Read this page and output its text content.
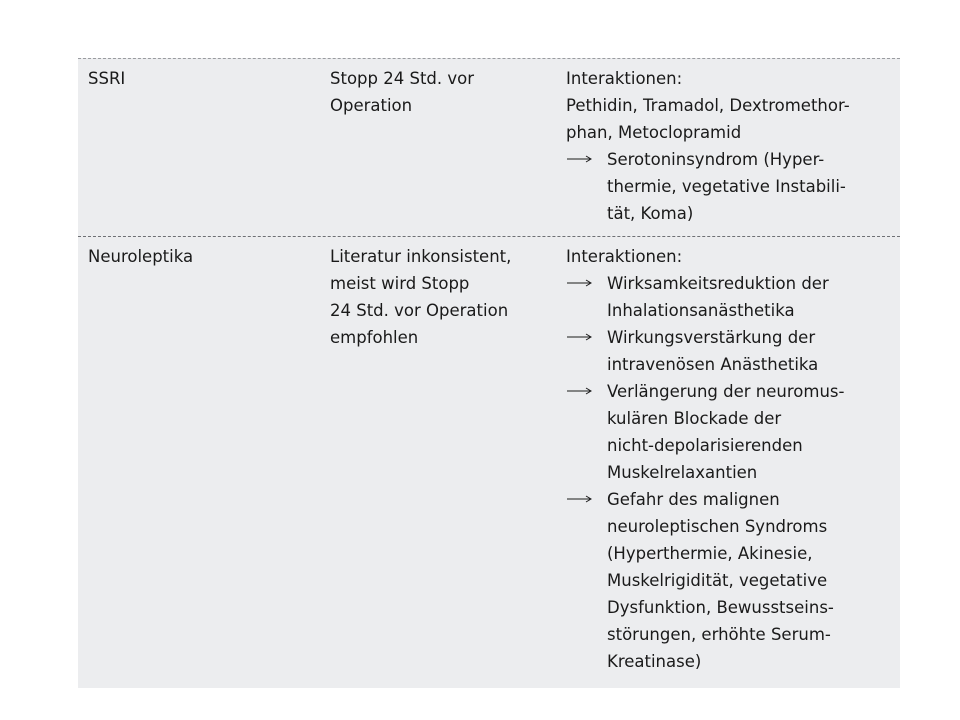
SSRI	Stopp 24 Std. vor
Operation
Interaktionen:
Pethidin, Tramadol, Dextromethor-
phan, Metoclopramid
Serotoninsyndrom (Hyper-
thermie, vegetative Instabili-
tät, Koma)
Neuroleptika	Literatur inkonsistent,
meist wird Stopp
24 Std. vor Operation
empfohlen
Interaktionen:
Wirksamkeitsreduktion der
Inhalationsanästhetika
Wirkungsverstärkung der
intravenösen Anästhetika
Verlängerung der neuromus-
kulären Blockade der
nicht-depolarisierenden
Muskelrelaxantien
Gefahr des malignen
neuroleptischen Syndroms
(Hyperthermie, Akinesie,
Muskelrigidität, vegetative
Dysfunktion, Bewusstseins-
störungen, erhöhte Serum-
Kreatinase)
